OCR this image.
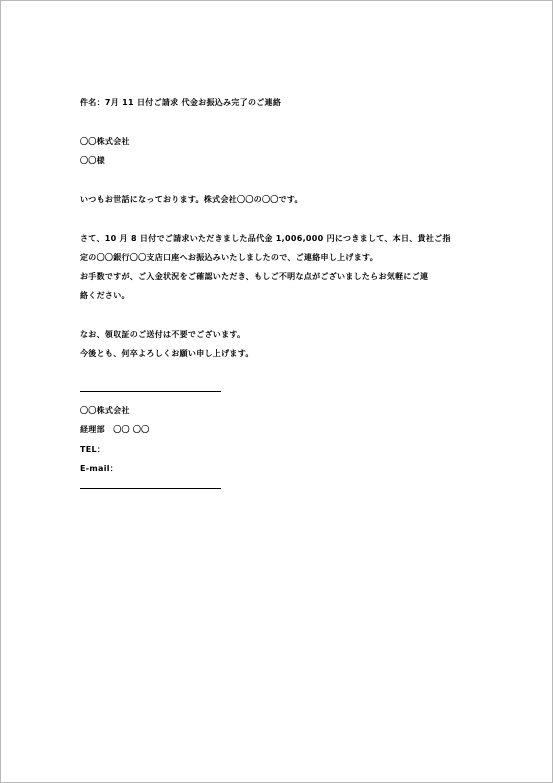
件名：7月 11 日付ご請求 代金お振込み完了のご連絡
〇〇株式会社
〇〇様
いつもお世話になっております。株式会社〇〇の〇〇です。
さて、10 月 8 日付でご請求いただきました品代金 1,006,000 円につきまして、本日、貴社ご指
定の〇〇銀行〇〇支店口座へお振込みいたしましたので、ご連絡申し上げます。
お手数ですが、ご入金状況をご確認いただき、もしご不明な点がございましたらお気軽にご連
絡ください。
なお、領収証のご送付は不要でございます。
今後とも、何卒よろしくお願い申し上げます。
〇〇株式会社
経理部　〇〇 〇〇
TEL：
E-mail：
